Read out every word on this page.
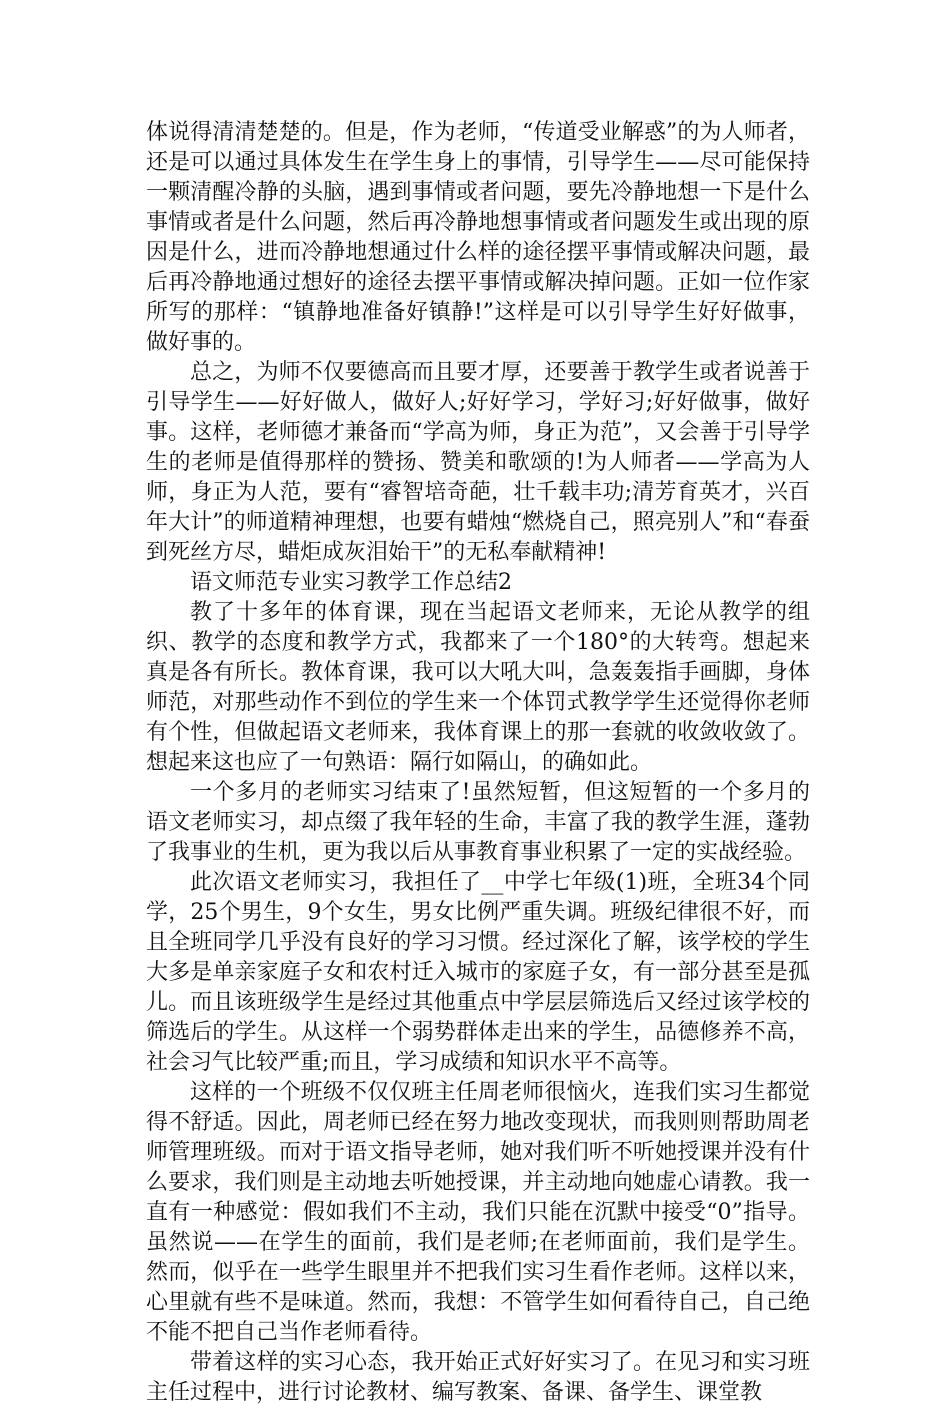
体说得清清楚楚的。但是，作为老师，“传道受业解惑”的为人师者，还是可以通过具体发生在学生身上的事情，引导学生——尽可能保持一颗清醒冷静的头脑，遇到事情或者问题，要先冷静地想一下是什么事情或者是什么问题，然后再冷静地想事情或者问题发生或出现的原因是什么，进而冷静地想通过什么样的途径摆平事情或解决问题，最后再冷静地通过想好的途径去摆平事情或解决掉问题。正如一位作家所写的那样：“镇静地准备好镇静!”这样是可以引导学生好好做事，做好事的。

总之，为师不仅要德高而且要才厚，还要善于教学生或者说善于引导学生——好好做人，做好人;好好学习，学好习;好好做事，做好事。这样，老师德才兼备而“学高为师，身正为范”，又会善于引导学生的老师是值得那样的赞扬、赞美和歌颂的!为人师者——学高为人师，身正为人范，要有“睿智培奇葩，壮千载丰功;清芳育英才，兴百年大计”的师道精神理想，也要有蜡烛“燃烧自己，照亮别人”和“春蚕到死丝方尽，蜡炬成灰泪始干”的无私奉献精神!

语文师范专业实习教学工作总结2

教了十多年的体育课，现在当起语文老师来，无论从教学的组织、教学的态度和教学方式，我都来了一个180°的大转弯。想起来真是各有所长。教体育课，我可以大吼大叫，急轰轰指手画脚，身体师范，对那些动作不到位的学生来一个体罚式教学学生还觉得你老师有个性，但做起语文老师来，我体育课上的那一套就的收敛收敛了。想起来这也应了一句熟语：隔行如隔山，的确如此。

一个多月的老师实习结束了!虽然短暂，但这短暂的一个多月的语文老师实习，却点缀了我年轻的生命，丰富了我的教学生涯，蓬勃了我事业的生机，更为我以后从事教育事业积累了一定的实战经验。

此次语文老师实习，我担任了__中学七年级(1)班，全班34个同学，25个男生，9个女生，男女比例严重失调。班级纪律很不好，而且全班同学几乎没有良好的学习习惯。经过深化了解，该学校的学生大多是单亲家庭子女和农村迁入城市的家庭子女，有一部分甚至是孤儿。而且该班级学生是经过其他重点中学层层筛选后又经过该学校的筛选后的学生。从这样一个弱势群体走出来的学生，品德修养不高，社会习气比较严重;而且，学习成绩和知识水平不高等。

这样的一个班级不仅仅班主任周老师很恼火，连我们实习生都觉得不舒适。因此，周老师已经在努力地改变现状，而我则则帮助周老师管理班级。而对于语文指导老师，她对我们听不听她授课并没有什么要求，我们则是主动地去听她授课，并主动地向她虚心请教。我一直有一种感觉：假如我们不主动，我们只能在沉默中接受“0”指导。虽然说——在学生的面前，我们是老师;在老师面前，我们是学生。然而，似乎在一些学生眼里并不把我们实习生看作老师。这样以来，心里就有些不是味道。然而，我想：不管学生如何看待自己，自己绝不能不把自己当作老师看待。

带着这样的实习心态，我开始正式好好实习了。在见习和实习班主任过程中，进行讨论教材、编写教案、备课、备学生、课堂教
